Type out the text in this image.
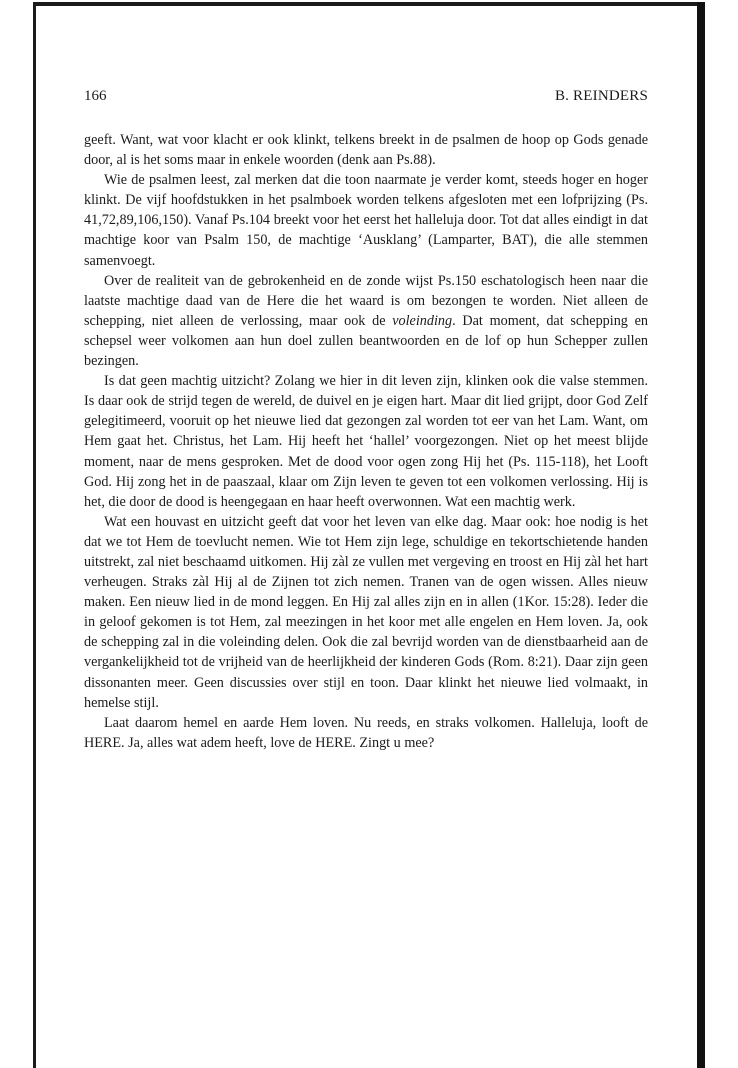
166	B. REINDERS

geeft. Want, wat voor klacht er ook klinkt, telkens breekt in de psalmen de hoop op Gods genade door, al is het soms maar in enkele woorden (denk aan Ps.88).

Wie de psalmen leest, zal merken dat die toon naarmate je verder komt, steeds hoger en hoger klinkt. De vijf hoofdstukken in het psalmboek worden telkens afgesloten met een lofprijzing (Ps. 41,72,89,106,150). Vanaf Ps.104 breekt voor het eerst het halleluja door. Tot dat alles eindigt in dat machtige koor van Psalm 150, de machtige ‘Ausklang’ (Lamparter, BAT), die alle stemmen samenvoegt.

Over de realiteit van de gebrokenheid en de zonde wijst Ps.150 eschatologisch heen naar die laatste machtige daad van de Here die het waard is om bezongen te worden. Niet alleen de schepping, niet alleen de verlossing, maar ook de voleinding. Dat moment, dat schepping en schepsel weer volkomen aan hun doel zullen beantwoorden en de lof op hun Schepper zullen bezingen.

Is dat geen machtig uitzicht? Zolang we hier in dit leven zijn, klinken ook die valse stemmen. Is daar ook de strijd tegen de wereld, de duivel en je eigen hart. Maar dit lied grijpt, door God Zelf gelegitimeerd, vooruit op het nieuwe lied dat gezongen zal worden tot eer van het Lam. Want, om Hem gaat het. Christus, het Lam. Hij heeft het ‘hallel’ voorgezongen. Niet op het meest blijde moment, naar de mens gesproken. Met de dood voor ogen zong Hij het (Ps. 115-118), het Looft God. Hij zong het in de paaszaal, klaar om Zijn leven te geven tot een volkomen verlossing. Hij is het, die door de dood is heengegaan en haar heeft overwonnen. Wat een machtig werk.

Wat een houvast en uitzicht geeft dat voor het leven van elke dag. Maar ook: hoe nodig is het dat we tot Hem de toevlucht nemen. Wie tot Hem zijn lege, schuldige en tekortschietende handen uitstrekt, zal niet beschaamd uitkomen. Hij zàl ze vullen met vergeving en troost en Hij zàl het hart verheugen. Straks zàl Hij al de Zijnen tot zich nemen. Tranen van de ogen wissen. Alles nieuw maken. Een nieuw lied in de mond leggen. En Hij zal alles zijn en in allen (1Kor. 15:28). Ieder die in geloof gekomen is tot Hem, zal meezingen in het koor met alle engelen en Hem loven. Ja, ook de schepping zal in die voleinding delen. Ook die zal bevrijd worden van de dienstbaarheid aan de vergankelijkheid tot de vrijheid van de heerlijkheid der kinderen Gods (Rom. 8:21). Daar zijn geen dissonanten meer. Geen discussies over stijl en toon. Daar klinkt het nieuwe lied volmaakt, in hemelse stijl.

Laat daarom hemel en aarde Hem loven. Nu reeds, en straks volkomen. Halleluja, looft de HERE. Ja, alles wat adem heeft, love de HERE. Zingt u mee?
